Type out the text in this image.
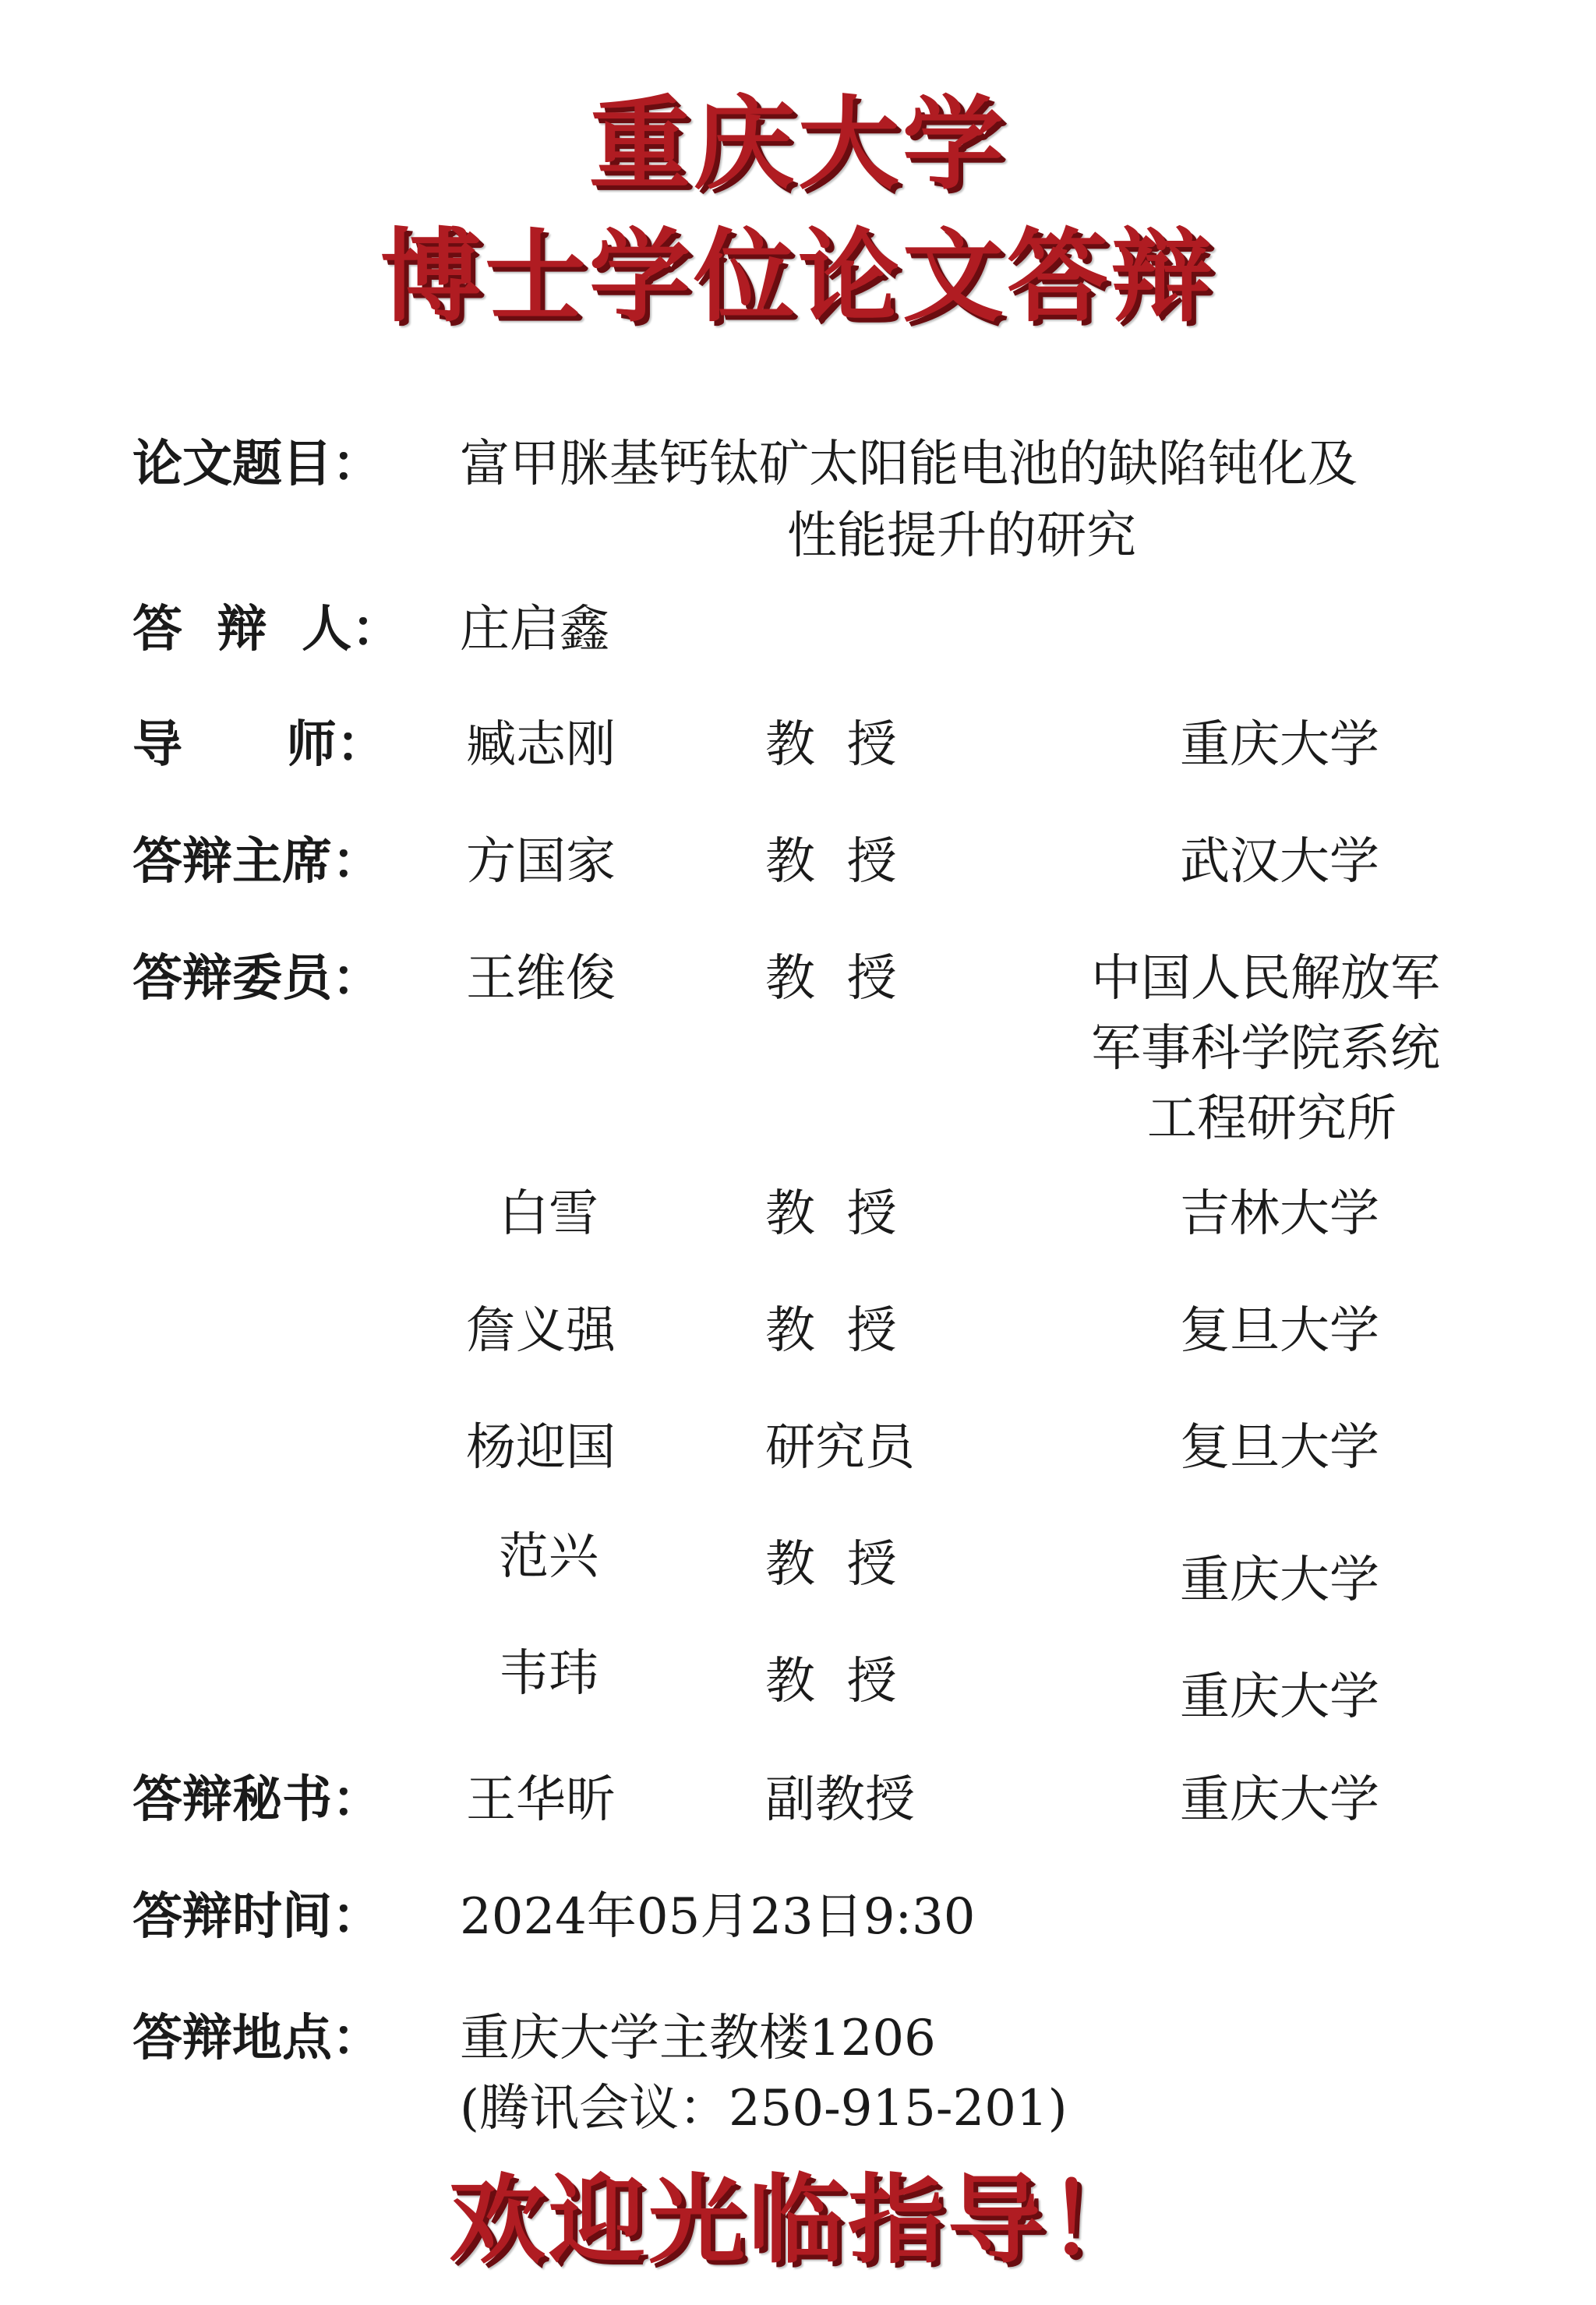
重庆大学
博士学位论文答辩
论文题目： 富甲脒基钙钛矿太阳能电池的缺陷钝化及
性能提升的研究
答  辩  人： 庄启鑫
导      师： 臧志刚	教  授	重庆大学
答辩主席： 方国家	教  授	武汉大学
答辩委员： 王维俊	教  授	中国人民解放军
军事科学院系统
工程研究所
白雪	教  授	吉林大学
詹义强	教  授	复旦大学
杨迎国	研究员	复旦大学
范兴	教  授	重庆大学
韦玮	教  授	重庆大学
答辩秘书： 王华昕	副教授	重庆大学
答辩时间： 2024年05月23日9:30
答辩地点： 重庆大学主教楼1206
(腾讯会议：250-915-201)
欢迎光临指导！
